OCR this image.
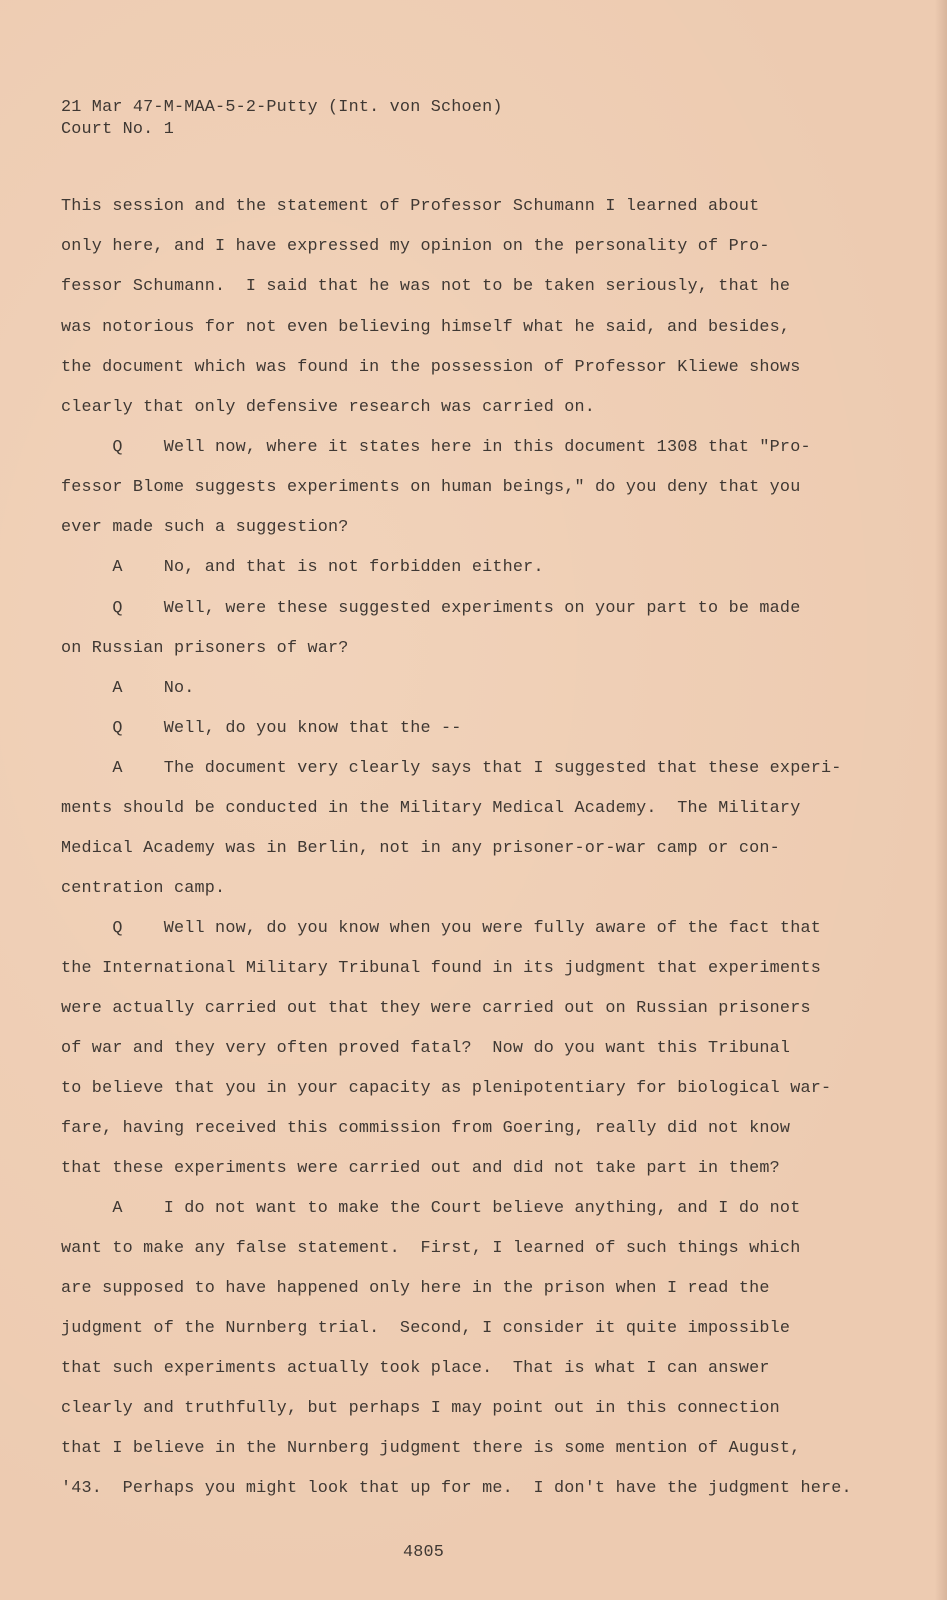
21 Mar 47-M-MAA-5-2-Putty (Int. von Schoen)
Court No. 1
This session and the statement of Professor Schumann I learned about
only here, and I have expressed my opinion on the personality of Pro-
fessor Schumann.  I said that he was not to be taken seriously, that he
was notorious for not even believing himself what he said, and besides,
the document which was found in the possession of Professor Kliewe shows
clearly that only defensive research was carried on.
Q    Well now, where it states here in this document 1308 that "Pro-
fessor Blome suggests experiments on human beings," do you deny that you
ever made such a suggestion?
A    No, and that is not forbidden either.
Q    Well, were these suggested experiments on your part to be made
on Russian prisoners of war?
A    No.
Q    Well, do you know that the --
A    The document very clearly says that I suggested that these experi-
ments should be conducted in the Military Medical Academy.  The Military
Medical Academy was in Berlin, not in any prisoner-or-war camp or con-
centration camp.
Q    Well now, do you know when you were fully aware of the fact that
the International Military Tribunal found in its judgment that experiments
were actually carried out that they were carried out on Russian prisoners
of war and they very often proved fatal?  Now do you want this Tribunal
to believe that you in your capacity as plenipotentiary for biological war-
fare, having received this commission from Goering, really did not know
that these experiments were carried out and did not take part in them?
A    I do not want to make the Court believe anything, and I do not
want to make any false statement.  First, I learned of such things which
are supposed to have happened only here in the prison when I read the
judgment of the Nurnberg trial.  Second, I consider it quite impossible
that such experiments actually took place.  That is what I can answer
clearly and truthfully, but perhaps I may point out in this connection
that I believe in the Nurnberg judgment there is some mention of August,
'43.  Perhaps you might look that up for me.  I don't have the judgment here.
4805
